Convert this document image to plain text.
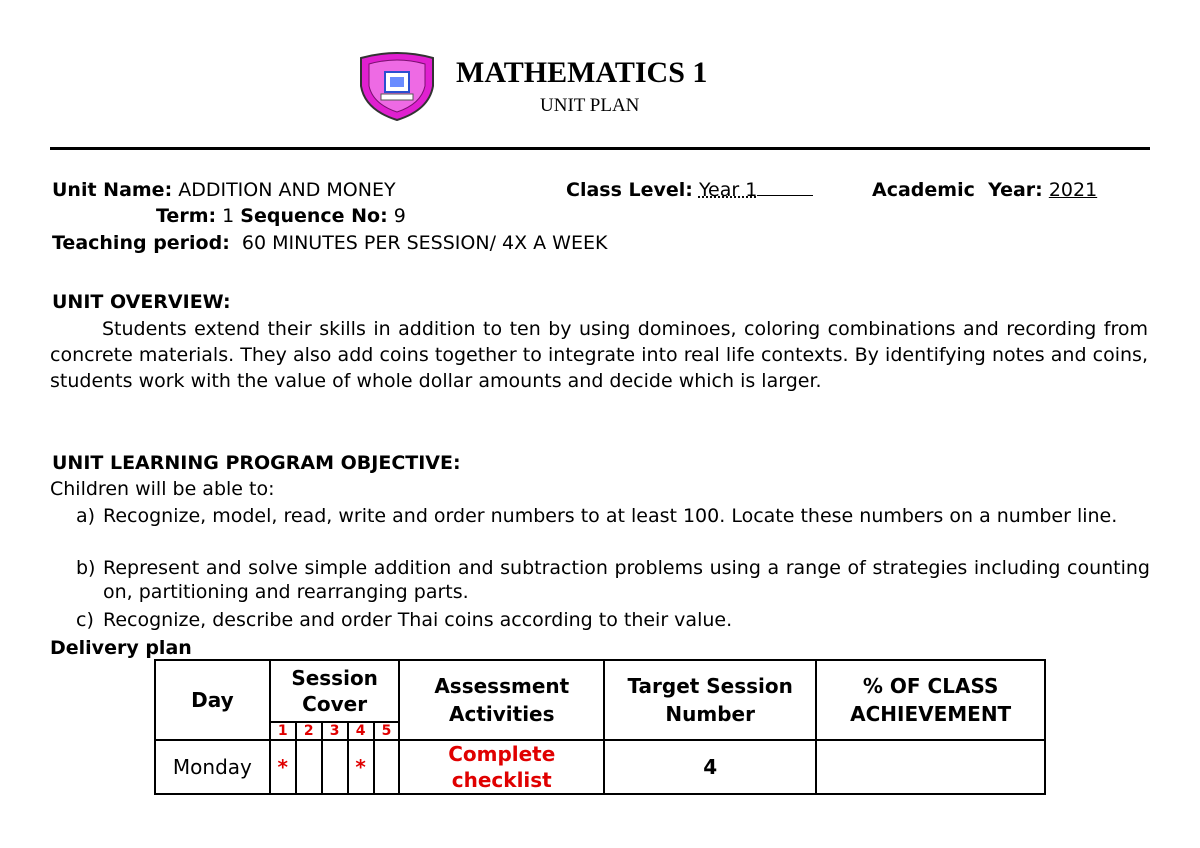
MATHEMATICS 1
UNIT PLAN
Unit Name: ADDITION AND MONEY	Class Level: Year 1	Academic  Year: 2021
Term: 1 Sequence No: 9
Teaching period: 60 MINUTES PER SESSION/ 4X A WEEK
UNIT OVERVIEW:
Students extend their skills in addition to ten by using dominoes, coloring combinations and recording from concrete materials. They also add coins together to integrate into real life contexts. By identifying notes and coins, students work with the value of whole dollar amounts and decide which is larger.
UNIT LEARNING PROGRAM OBJECTIVE:
Children will be able to:
a) Recognize, model, read, write and order numbers to at least 100. Locate these numbers on a number line.
b) Represent and solve simple addition and subtraction problems using a range of strategies including counting on, partitioning and rearranging parts.
c) Recognize, describe and order Thai coins according to their value.
Delivery plan
Day	Session Cover					Assessment Activities	Target Session Number	% OF CLASS ACHIEVEMENT
	1	2	3	4	5			
Monday	*			*		Complete checklist	4	
